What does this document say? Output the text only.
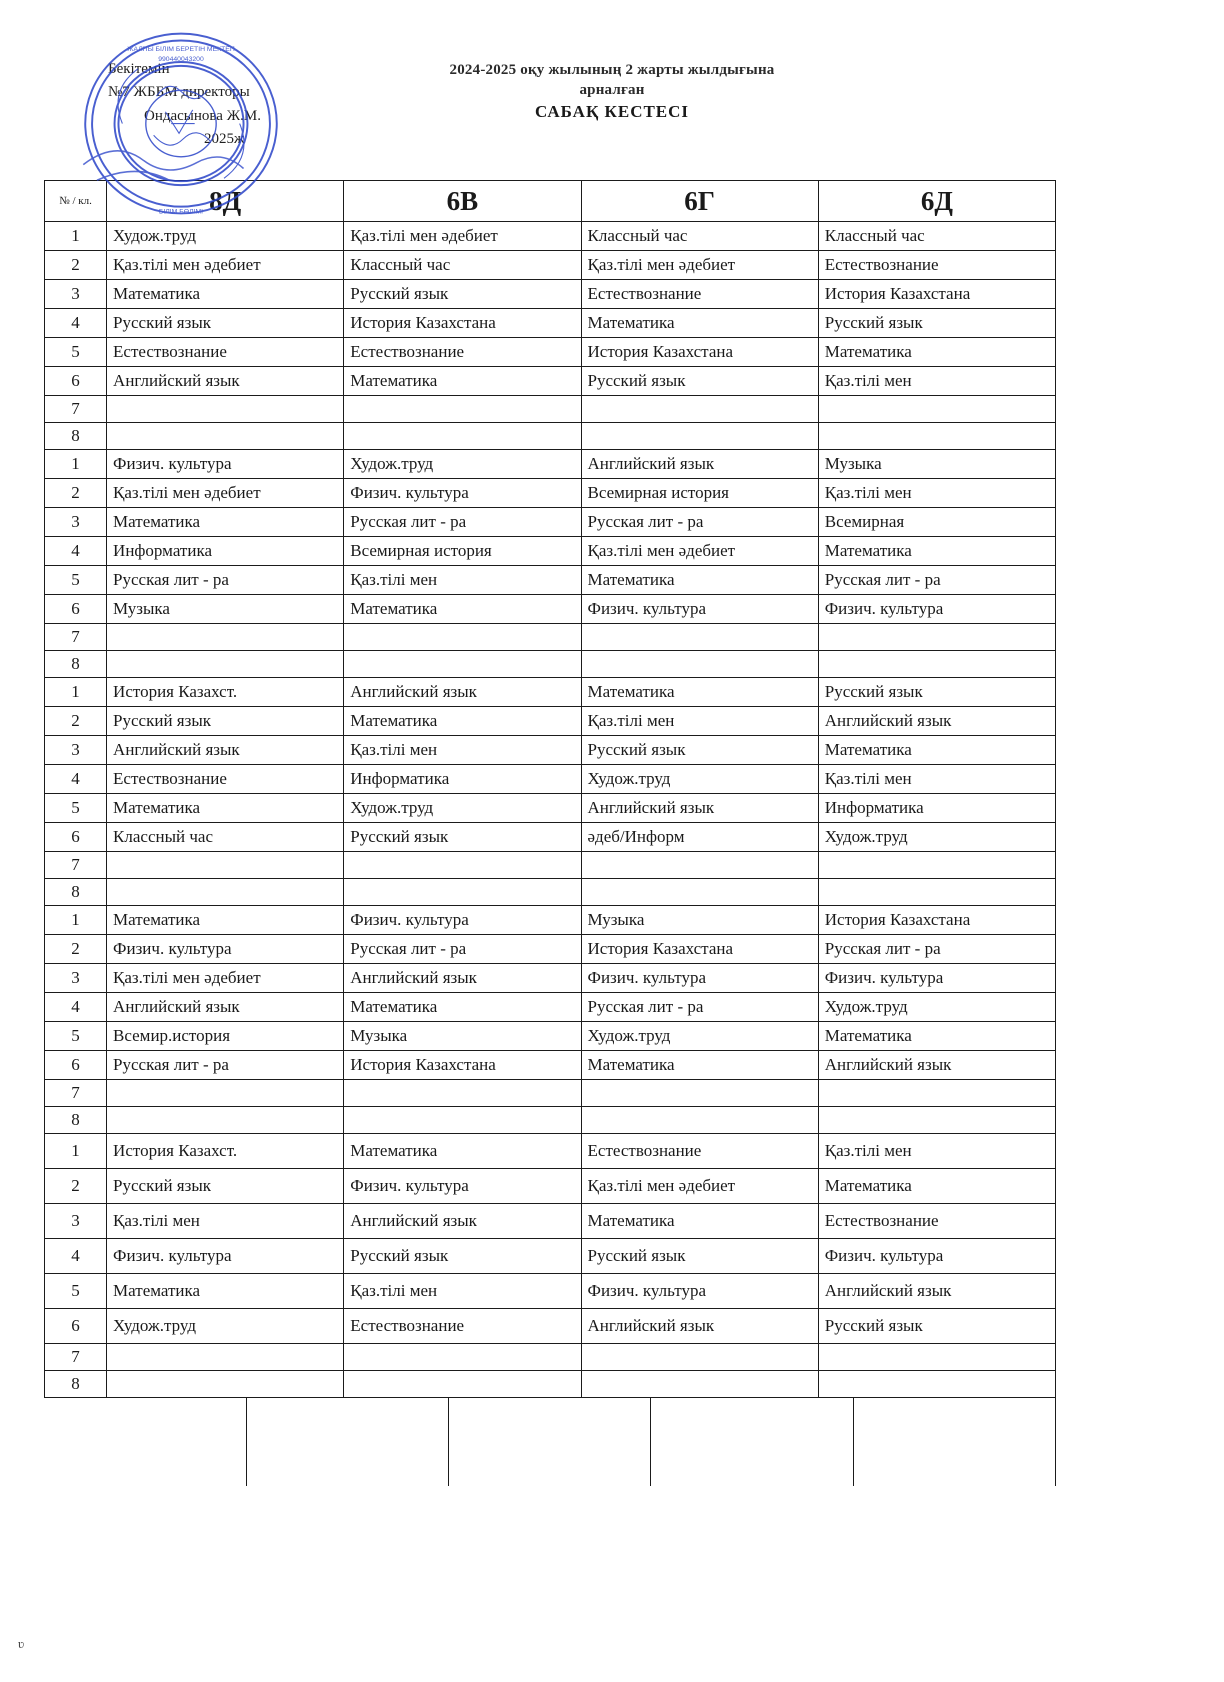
2024-2025 оқу жылының 2 жарты жылдығына
арналған
САБАҚ КЕСТЕСІ
Бекітемін
№7 ЖББМ директоры
Ондасынова Ж.М.
2025ж
ЖАЛПЫ БІЛІМ БЕРЕТІН МЕКТЕП
990440043200
БІЛІМ БӨЛІМІ
№ / кл.	8Д	6В	6Г	6Д
1	Худож.труд	Қаз.тілі мен әдебиет	Классный час	Классный час
2	Қаз.тілі мен әдебиет	Классный час	Қаз.тілі мен әдебиет	Естествознание
3	Математика	Русский язык	Естествознание	История Казахстана
4	Русский язык	История Казахстана	Математика	Русский язык
5	Естествознание	Естествознание	История Казахстана	Математика
6	Английский язык	Математика	Русский язык	Қаз.тілі мен
7				
8				
1	Физич. культура	Худож.труд	Английский язык	Музыка
2	Қаз.тілі мен әдебиет	Физич. культура	Всемирная история	Қаз.тілі мен
3	Математика	Русская лит - ра	Русская лит - ра	Всемирная
4	Информатика	Всемирная история	Қаз.тілі мен әдебиет	Математика
5	Русская лит - ра	Қаз.тілі мен	Математика	Русская лит - ра
6	Музыка	Математика	Физич. культура	Физич. культура
7				
8				
1	История Казахст.	Английский язык	Математика	Русский язык
2	Русский язык	Математика	Қаз.тілі мен	Английский язык
3	Английский язык	Қаз.тілі мен	Русский язык	Математика
4	Естествознание	Информатика	Худож.труд	Қаз.тілі мен
5	Математика	Худож.труд	Английский язык	Информатика
6	Классный час	Русский язык	әдеб/Информ	Худож.труд
7				
8				
1	Математика	Физич. культура	Музыка	История Казахстана
2	Физич. культура	Русская лит - ра	История Казахстана	Русская лит - ра
3	Қаз.тілі мен әдебиет	Английский язык	Физич. культура	Физич. культура
4	Английский язык	Математика	Русская лит - ра	Худож.труд
5	Всемир.история	Музыка	Худож.труд	Математика
6	Русская лит - ра	История Казахстана	Математика	Английский язык
7				
8				
1	История Казахст.	Математика	Естествознание	Қаз.тілі мен
2	Русский язык	Физич. культура	Қаз.тілі мен әдебиет	Математика
3	Қаз.тілі мен	Английский язык	Математика	Естествознание
4	Физич. культура	Русский язык	Русский язык	Физич. культура
5	Математика	Қаз.тілі мен	Физич. культура	Английский язык
6	Худож.труд	Естествознание	Английский язык	Русский язык
7				
8				

ʋ
